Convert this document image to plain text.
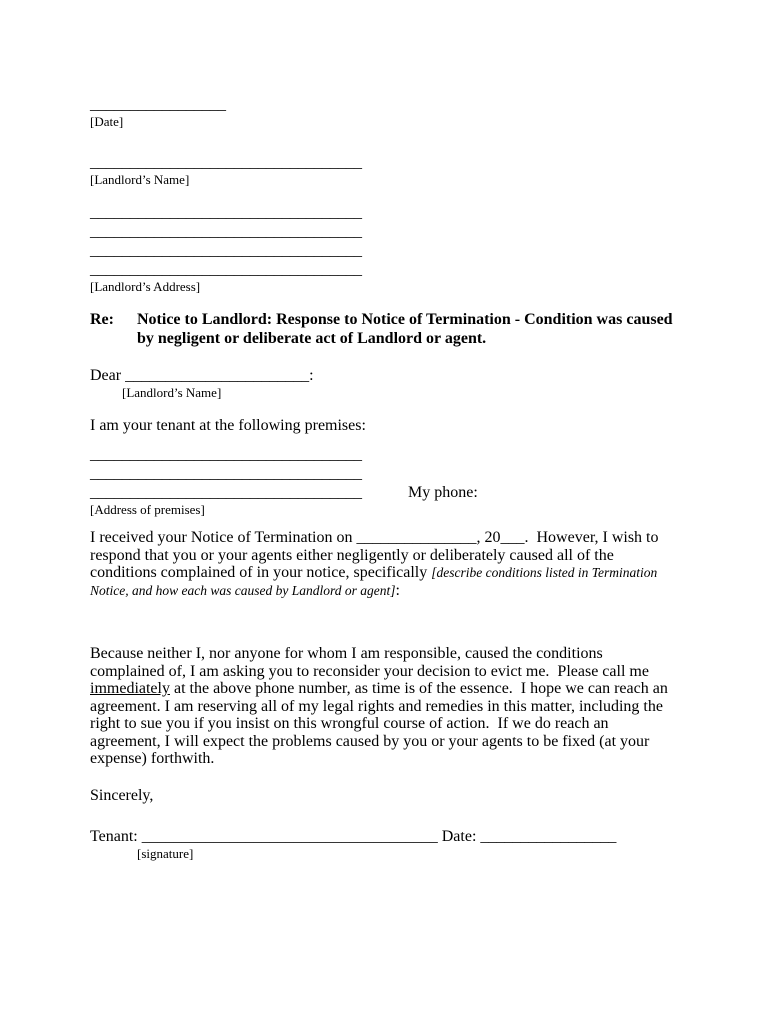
_________________
[Date]
__________________________________
[Landlord’s Name]
__________________________________
__________________________________
__________________________________
__________________________________
[Landlord’s Address]
Re:	Notice to Landlord: Response to Notice of Termination - Condition was caused by negligent or deliberate act of Landlord or agent.
Dear _______________________:
[Landlord’s Name]
I am your tenant at the following premises:
__________________________________
__________________________________
__________________________________	My phone:
[Address of premises]
I received your Notice of Termination on _______________, 20___.  However, I wish to respond that you or your agents either negligently or deliberately caused all of the conditions complained of in your notice, specifically [describe conditions listed in Termination Notice, and how each was caused by Landlord or agent]:
Because neither I, nor anyone for whom I am responsible, caused the conditions complained of, I am asking you to reconsider your decision to evict me.  Please call me immediately at the above phone number, as time is of the essence.  I hope we can reach an agreement. I am reserving all of my legal rights and remedies in this matter, including the right to sue you if you insist on this wrongful course of action.  If we do reach an agreement, I will expect the problems caused by you or your agents to be fixed (at your expense) forthwith.
Sincerely,
Tenant: _____________________________________ Date: _________________
[signature]
